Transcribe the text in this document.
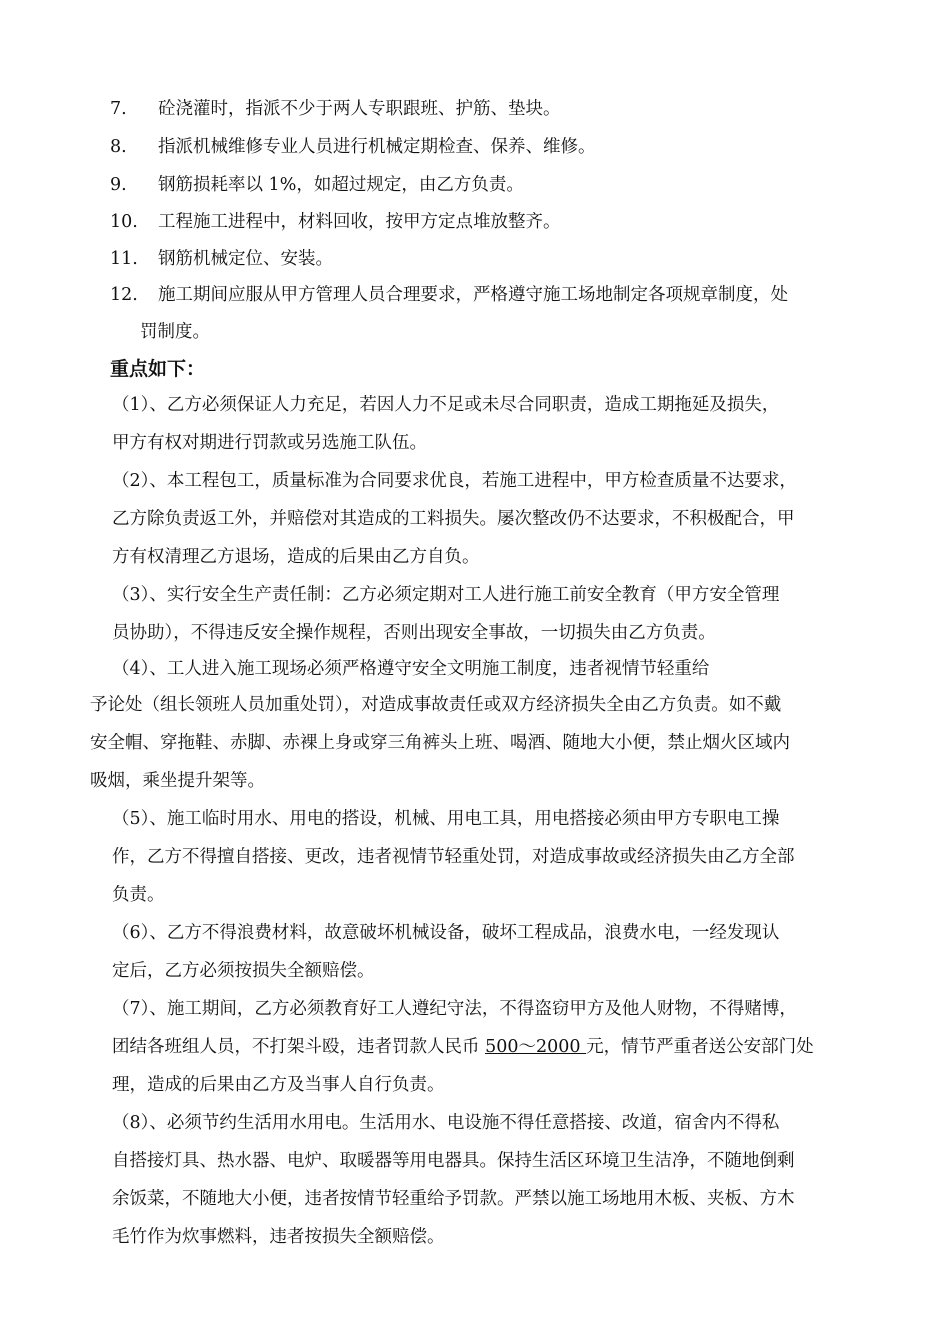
7. 砼浇灌时，指派不少于两人专职跟班、护筋、垫块。
8. 指派机械维修专业人员进行机械定期检查、保养、维修。
9. 钢筋损耗率以 1%，如超过规定，由乙方负责。
10. 工程施工进程中，材料回收，按甲方定点堆放整齐。
11. 钢筋机械定位、安装。
12. 施工期间应服从甲方管理人员合理要求，严格遵守施工场地制定各项规章制度，处
罚制度。
重点如下：
（1）、乙方必须保证人力充足，若因人力不足或未尽合同职责，造成工期拖延及损失，
甲方有权对期进行罚款或另选施工队伍。
（2）、本工程包工，质量标准为合同要求优良，若施工进程中，甲方检查质量不达要求，
乙方除负责返工外，并赔偿对其造成的工料损失。屡次整改仍不达要求，不积极配合，甲
方有权清理乙方退场，造成的后果由乙方自负。
（3）、实行安全生产责任制：乙方必须定期对工人进行施工前安全教育（甲方安全管理
员协助），不得违反安全操作规程，否则出现安全事故，一切损失由乙方负责。
（4）、工人进入施工现场必须严格遵守安全文明施工制度，违者视情节轻重给
予论处（组长领班人员加重处罚），对造成事故责任或双方经济损失全由乙方负责。如不戴
安全帽、穿拖鞋、赤脚、赤裸上身或穿三角裤头上班、喝酒、随地大小便，禁止烟火区域内
吸烟，乘坐提升架等。
（5）、施工临时用水、用电的搭设，机械、用电工具，用电搭接必须由甲方专职电工操
作，乙方不得擅自搭接、更改，违者视情节轻重处罚，对造成事故或经济损失由乙方全部
负责。
（6）、乙方不得浪费材料，故意破坏机械设备，破坏工程成品，浪费水电，一经发现认
定后，乙方必须按损失全额赔偿。
（7）、施工期间，乙方必须教育好工人遵纪守法，不得盗窃甲方及他人财物，不得赌博，
团结各班组人员，不打架斗殴，违者罚款人民币 500～2000 元，情节严重者送公安部门处
理，造成的后果由乙方及当事人自行负责。
（8）、必须节约生活用水用电。生活用水、电设施不得任意搭接、改道，宿舍内不得私
自搭接灯具、热水器、电炉、取暖器等用电器具。保持生活区环境卫生洁净，不随地倒剩
余饭菜，不随地大小便，违者按情节轻重给予罚款。严禁以施工场地用木板、夹板、方木
毛竹作为炊事燃料，违者按损失全额赔偿。
